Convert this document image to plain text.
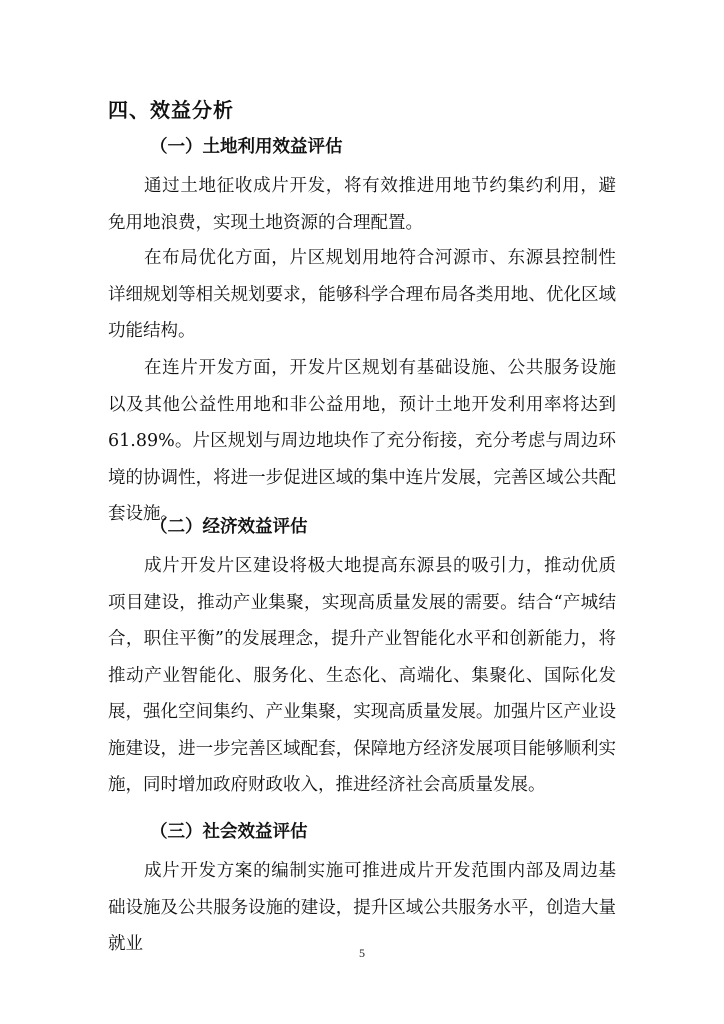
四、效益分析
（一）土地利用效益评估

通过土地征收成片开发，将有效推进用地节约集约利用，避免用地浪费，实现土地资源的合理配置。

在布局优化方面，片区规划用地符合河源市、东源县控制性详细规划等相关规划要求，能够科学合理布局各类用地、优化区域功能结构。

在连片开发方面，开发片区规划有基础设施、公共服务设施以及其他公益性用地和非公益用地，预计土地开发利用率将达到61.89%。片区规划与周边地块作了充分衔接，充分考虑与周边环境的协调性，将进一步促进区域的集中连片发展，完善区域公共配套设施。

（二）经济效益评估

成片开发片区建设将极大地提高东源县的吸引力，推动优质项目建设，推动产业集聚，实现高质量发展的需要。结合“产城结合，职住平衡”的发展理念，提升产业智能化水平和创新能力，将推动产业智能化、服务化、生态化、高端化、集聚化、国际化发展，强化空间集约、产业集聚，实现高质量发展。加强片区产业设施建设，进一步完善区域配套，保障地方经济发展项目能够顺利实施，同时增加政府财政收入，推进经济社会高质量发展。

（三）社会效益评估

成片开发方案的编制实施可推进成片开发范围内部及周边基础设施及公共服务设施的建设，提升区域公共服务水平，创造大量就业	5
